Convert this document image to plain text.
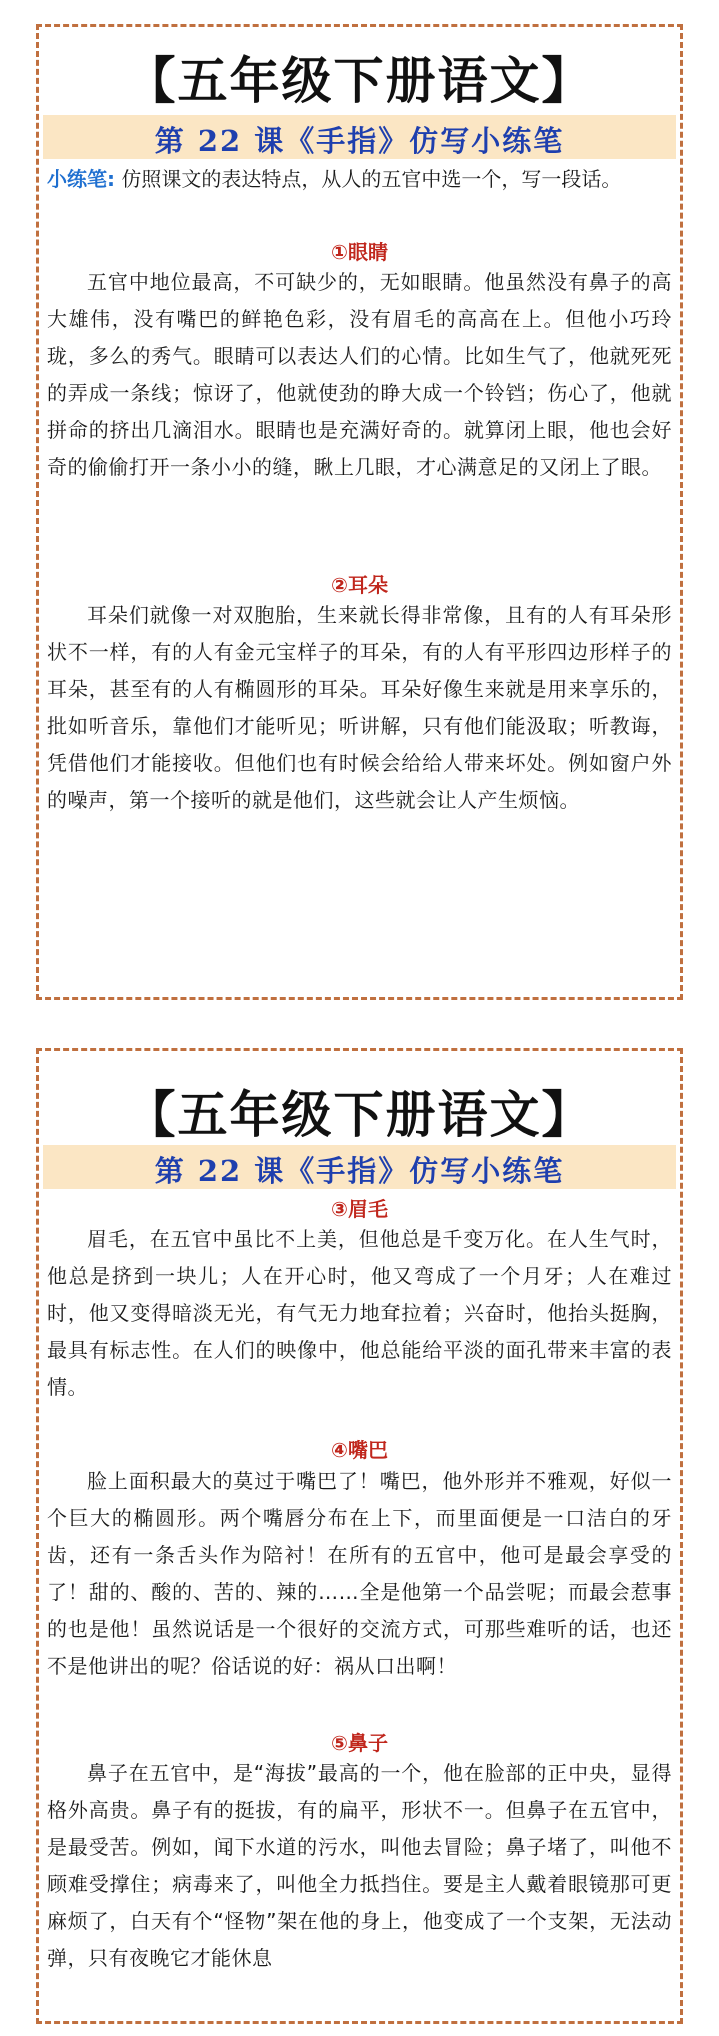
【五年级下册语文】
第 22 课《手指》仿写小练笔
小练笔: 仿照课文的表达特点，从人的五官中选一个，写一段话。
①眼睛
五官中地位最高，不可缺少的，无如眼睛。他虽然没有鼻子的高大雄伟，没有嘴巴的鲜艳色彩，没有眉毛的高高在上。但他小巧玲珑，多么的秀气。眼睛可以表达人们的心情。比如生气了，他就死死的弄成一条线；惊讶了，他就使劲的睁大成一个铃铛；伤心了，他就拼命的挤出几滴泪水。眼睛也是充满好奇的。就算闭上眼，他也会好奇的偷偷打开一条小小的缝，瞅上几眼，才心满意足的又闭上了眼。
②耳朵
耳朵们就像一对双胞胎，生来就长得非常像，且有的人有耳朵形状不一样，有的人有金元宝样子的耳朵，有的人有平形四边形样子的耳朵，甚至有的人有椭圆形的耳朵。耳朵好像生来就是用来享乐的，批如听音乐，靠他们才能听见；听讲解，只有他们能汲取；听教诲，凭借他们才能接收。但他们也有时候会给给人带来坏处。例如窗户外的噪声，第一个接听的就是他们，这些就会让人产生烦恼。
【五年级下册语文】
第 22 课《手指》仿写小练笔
③眉毛
眉毛，在五官中虽比不上美，但他总是千变万化。在人生气时，他总是挤到一块儿；人在开心时，他又弯成了一个月牙；人在难过时，他又变得暗淡无光，有气无力地耷拉着；兴奋时，他抬头挺胸，最具有标志性。在人们的映像中，他总能给平淡的面孔带来丰富的表情。
④嘴巴
脸上面积最大的莫过于嘴巴了！嘴巴，他外形并不雅观，好似一个巨大的椭圆形。两个嘴唇分布在上下，而里面便是一口洁白的牙齿，还有一条舌头作为陪衬！在所有的五官中，他可是最会享受的了！甜的、酸的、苦的、辣的……全是他第一个品尝呢；而最会惹事的也是他！虽然说话是一个很好的交流方式，可那些难听的话，也还不是他讲出的呢？俗话说的好：祸从口出啊！
⑤鼻子
鼻子在五官中，是“海拔”最高的一个，他在脸部的正中央，显得格外高贵。鼻子有的挺拔，有的扁平，形状不一。但鼻子在五官中，是最受苦。例如，闻下水道的污水，叫他去冒险；鼻子堵了，叫他不顾难受撑住；病毒来了，叫他全力抵挡住。要是主人戴着眼镜那可更麻烦了，白天有个“怪物”架在他的身上，他变成了一个支架，无法动弹，只有夜晚它才能休息
